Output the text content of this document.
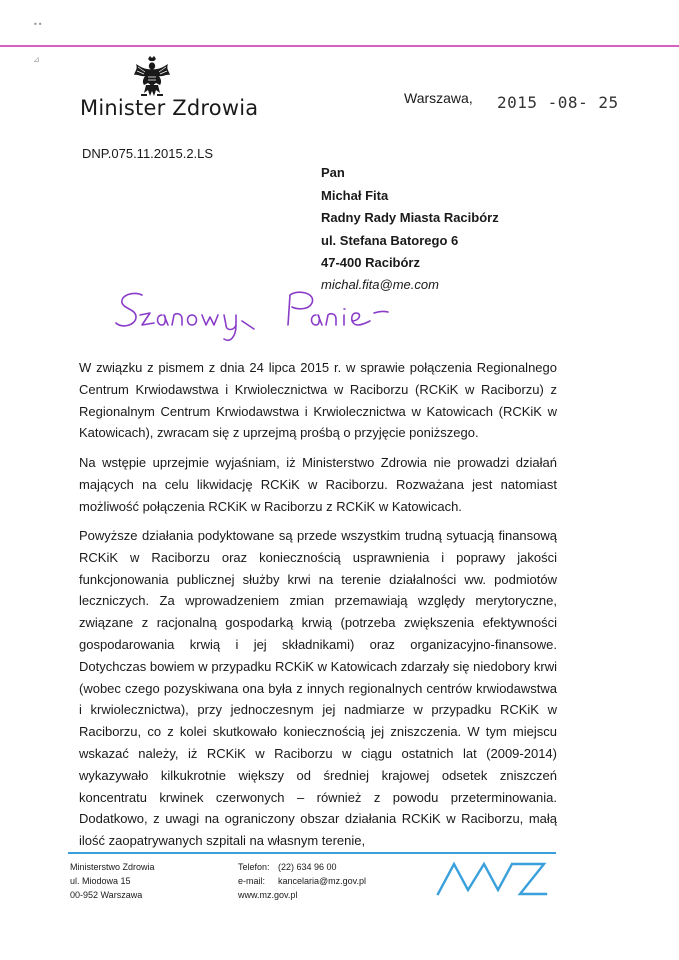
••
⊿
Minister Zdrowia	Warszawa, 2015 -08- 25
DNP.075.11.2015.2.LS
Pan
Michał Fita
Radny Rady Miasta Racibórz
ul. Stefana Batorego 6
47-400 Racibórz
michal.fita@me.com
W związku z pismem z dnia 24 lipca 2015 r. w sprawie połączenia Regionalnego Centrum Krwiodawstwa i Krwiolecznictwa w Raciborzu (RCKiK w Raciborzu) z Regionalnym Centrum Krwiodawstwa i Krwiolecznictwa w Katowicach (RCKiK w Katowicach), zwracam się z uprzejmą prośbą o przyjęcie poniższego.
Na wstępie uprzejmie wyjaśniam, iż Ministerstwo Zdrowia nie prowadzi działań mających na celu likwidację RCKiK w Raciborzu. Rozważana jest natomiast możliwość połączenia RCKiK w Raciborzu z RCKiK w Katowicach.
Powyższe działania podyktowane są przede wszystkim trudną sytuacją finansową RCKiK w Raciborzu oraz koniecznością usprawnienia i poprawy jakości funkcjonowania publicznej służby krwi na terenie działalności ww. podmiotów leczniczych. Za wprowadzeniem zmian przemawiają względy merytoryczne, związane z racjonalną gospodarką krwią (potrzeba zwiększenia efektywności gospodarowania krwią i jej składnikami) oraz organizacyjno-finansowe. Dotychczas bowiem w przypadku RCKiK w Katowicach zdarzały się niedobory krwi (wobec czego pozyskiwana ona była z innych regionalnych centrów krwiodawstwa i krwiolecznictwa), przy jednoczesnym jej nadmiarze w przypadku RCKiK w Raciborzu, co z kolei skutkowało koniecznością jej zniszczenia. W tym miejscu wskazać należy, iż RCKiK w Raciborzu w ciągu ostatnich lat (2009-2014) wykazywało kilkukrotnie większy od średniej krajowej odsetek zniszczeń koncentratu krwinek czerwonych – również z powodu przeterminowania. Dodatkowo, z uwagi na ograniczony obszar działania RCKiK w Raciborzu, małą ilość zaopatrywanych szpitali na własnym terenie,
Ministerstwo Zdrowia
ul. Miodowa 15
00-952 Warszawa
Telefon:
e-mail:
www.mz.gov.pl
(22) 634 96 00
kancelaria@mz.gov.pl
